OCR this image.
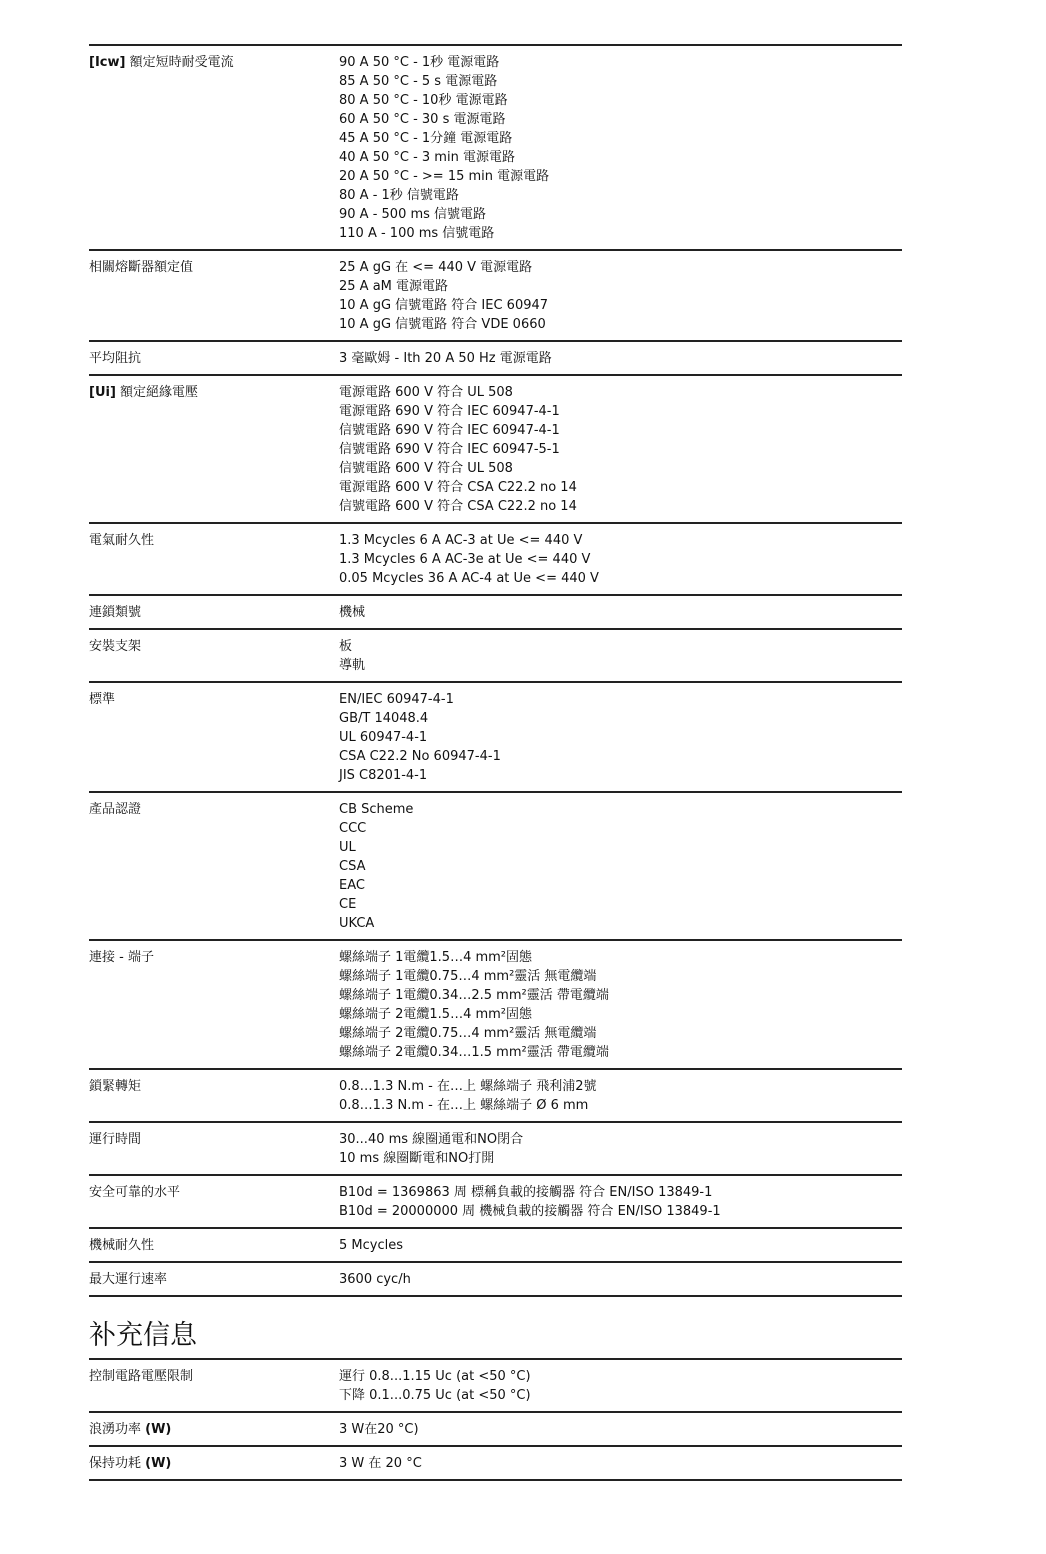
[Icw] 額定短時耐受電流	90 A 50 °C - 1秒 電源電路
85 A 50 °C - 5 s 電源電路
80 A 50 °C - 10秒 電源電路
60 A 50 °C - 30 s 電源電路
45 A 50 °C - 1分鐘 電源電路
40 A 50 °C - 3 min 電源電路
20 A 50 °C - >= 15 min 電源電路
80 A - 1秒 信號電路
90 A - 500 ms 信號電路
110 A - 100 ms 信號電路
相關熔斷器額定值	25 A gG 在 <= 440 V 電源電路
25 A aM 電源電路
10 A gG 信號電路 符合 IEC 60947
10 A gG 信號電路 符合 VDE 0660
平均阻抗	3 毫歐姆 - Ith 20 A 50 Hz 電源電路
[Ui] 額定絕緣電壓	電源電路 600 V 符合 UL 508
電源電路 690 V 符合 IEC 60947-4-1
信號電路 690 V 符合 IEC 60947-4-1
信號電路 690 V 符合 IEC 60947-5-1
信號電路 600 V 符合 UL 508
電源電路 600 V 符合 CSA C22.2 no 14
信號電路 600 V 符合 CSA C22.2 no 14
電氣耐久性	1.3 Mcycles 6 A AC-3 at Ue <= 440 V
1.3 Mcycles 6 A AC-3e at Ue <= 440 V
0.05 Mcycles 36 A AC-4 at Ue <= 440 V
連鎖類號	機械
安裝支架	板
導軌
標準	EN/IEC 60947-4-1
GB/T 14048.4
UL 60947-4-1
CSA C22.2 No 60947-4-1
JIS C8201-4-1
產品認證	CB Scheme
CCC
UL
CSA
EAC
CE
UKCA
連接 - 端子	螺絲端子 1電纜1.5…4 mm²固態
螺絲端子 1電纜0.75…4 mm²靈活 無電纜端
螺絲端子 1電纜0.34…2.5 mm²靈活 帶電纜端
螺絲端子 2電纜1.5…4 mm²固態
螺絲端子 2電纜0.75…4 mm²靈活 無電纜端
螺絲端子 2電纜0.34…1.5 mm²靈活 帶電纜端
鎖緊轉矩	0.8…1.3 N.m - 在…上 螺絲端子 飛利浦2號
0.8…1.3 N.m - 在…上 螺絲端子 Ø 6 mm
運行時間	30...40 ms 線圈通電和NO閉合
10 ms 線圈斷電和NO打開
安全可靠的水平	B10d = 1369863 周 標稱負載的接觸器 符合 EN/ISO 13849-1
B10d = 20000000 周 機械負載的接觸器 符合 EN/ISO 13849-1
機械耐久性	5 Mcycles
最大運行速率	3600 cyc/h
补充信息
控制電路電壓限制	運行 0.8...1.15 Uc (at <50 °C)
下降 0.1...0.75 Uc (at <50 °C)
浪湧功率 (W)	3 W在20 °C)
保持功耗 (W)	3 W 在 20 °C
